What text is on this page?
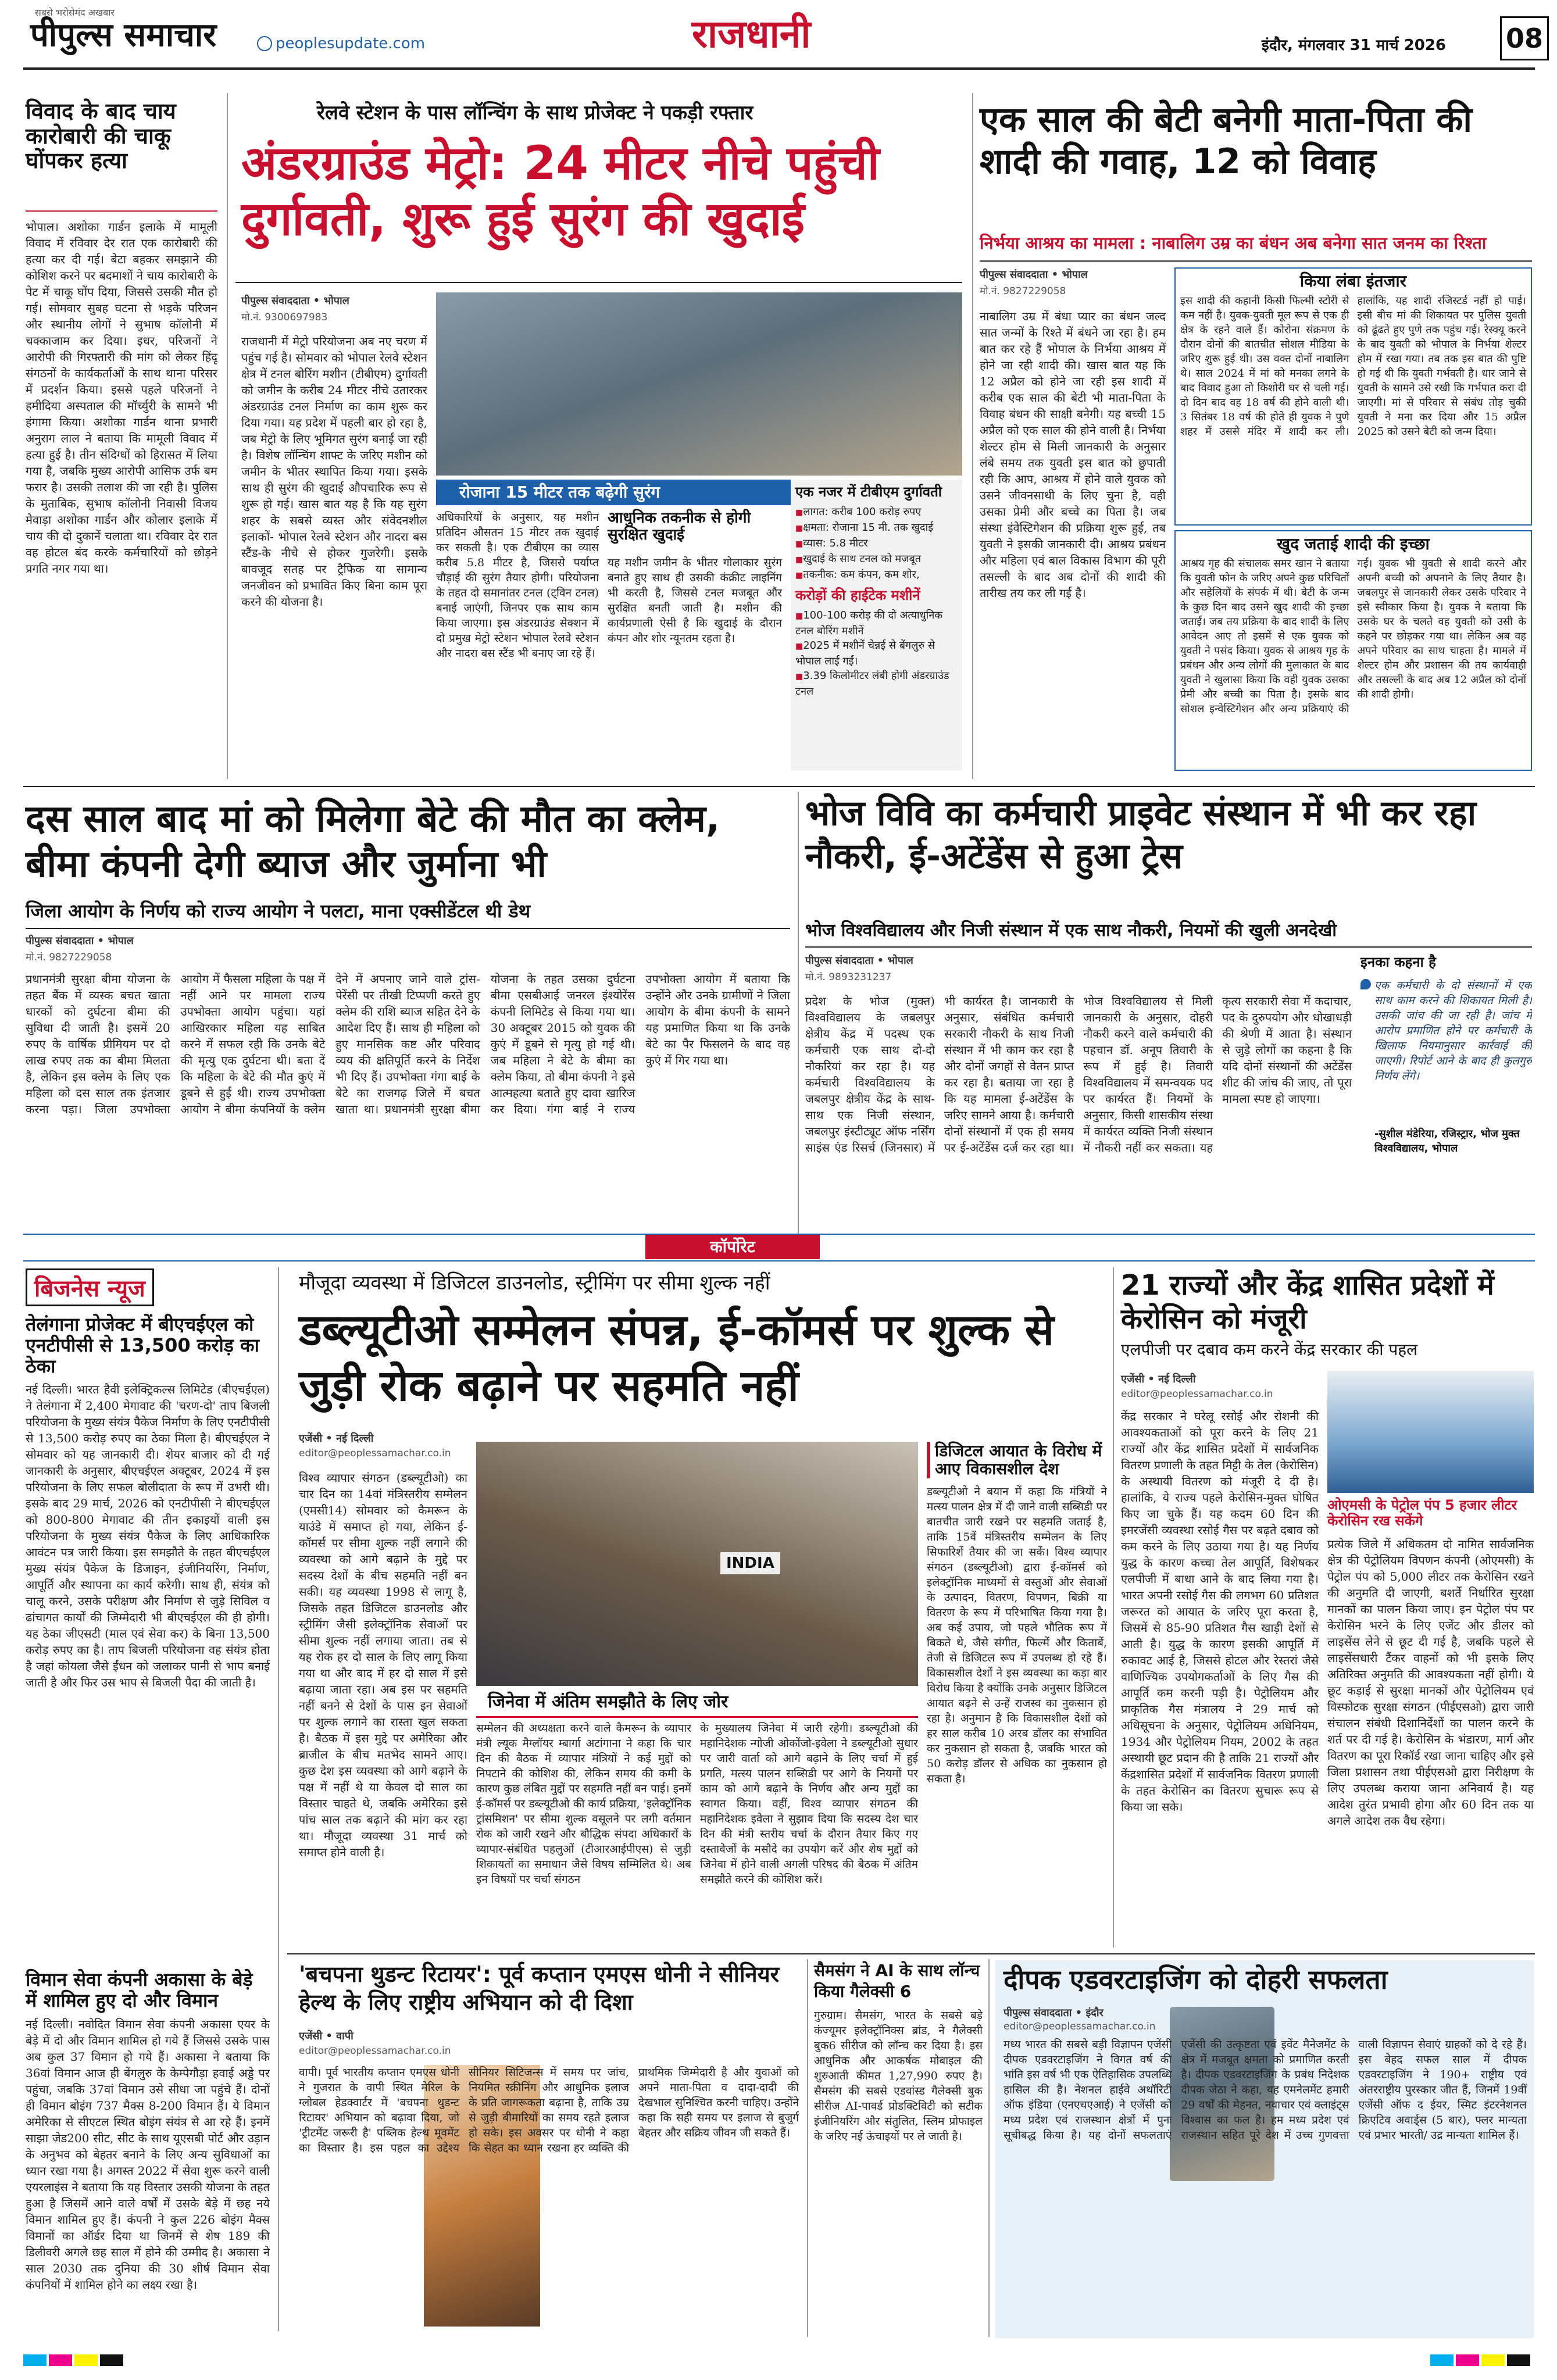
सबसे भरोसेमंद अखबार
पीपुल्स समाचार	peoplesupdate.com	राजधानी	इंदौर, मंगलवार 31 मार्च 2026 08
विवाद के बाद चाय कारोबारी की चाकू घोंपकर हत्या

भोपाल। अशोका गार्डन इलाके में मामूली विवाद में रविवार देर रात एक कारोबारी की हत्या कर दी गई। बेटा बहकर समझाने की कोशिश करने पर बदमाशों ने चाय कारोबारी के पेट में चाकू घोंप दिया, जिससे उसकी मौत हो गई। सोमवार सुबह घटना से भड़के परिजन और स्थानीय लोगों ने सुभाष कॉलोनी में चक्काजाम कर दिया। इधर, परिजनों ने आरोपी की गिरफ्तारी की मांग को लेकर हिंदू संगठनों के कार्यकर्ताओं के साथ थाना परिसर में प्रदर्शन किया। इससे पहले परिजनों ने हमीदिया अस्पताल की मॉर्च्युरी के सामने भी हंगामा किया। अशोका गार्डन थाना प्रभारी अनुराग लाल ने बताया कि मामूली विवाद में हत्या हुई है। तीन संदिग्धों को हिरासत में लिया गया है, जबकि मुख्य आरोपी आसिफ उर्फ बम फरार है। उसकी तलाश की जा रही है। पुलिस के मुताबिक, सुभाष कॉलोनी निवासी विजय मेवाड़ा अशोका गार्डन और कोलार इलाके में चाय की दो दुकानें चलाता था। रविवार देर रात वह होटल बंद करके कर्मचारियों को छोड़ने प्रगति नगर गया था।

रेलवे स्टेशन के पास लॉन्चिंग के साथ प्रोजेक्ट ने पकड़ी रफ्तार
अंडरग्राउंड मेट्रो: 24 मीटर नीचे पहुंची दुर्गावती, शुरू हुई सुरंग की खुदाई
पीपुल्स संवाददाता • भोपाल
मो.नं. 9300697983

राजधानी में मेट्रो परियोजना अब नए चरण में पहुंच गई है। सोमवार को भोपाल रेलवे स्टेशन क्षेत्र में टनल बोरिंग मशीन (टीबीएम) दुर्गावती को जमीन के करीब 24 मीटर नीचे उतारकर अंडरग्राउंड टनल निर्माण का काम शुरू कर दिया गया। यह प्रदेश में पहली बार हो रहा है, जब मेट्रो के लिए भूमिगत सुरंग बनाई जा रही है। विशेष लॉन्चिंग शाफ्ट के जरिए मशीन को जमीन के भीतर स्थापित किया गया। इसके साथ ही सुरंग की खुदाई औपचारिक रूप से शुरू हो गई। खास बात यह है कि यह सुरंग शहर के सबसे व्यस्त और संवेदनशील इलाकों- भोपाल रेलवे स्टेशन और नादरा बस स्टैंड-के नीचे से होकर गुजरेगी। इसके बावजूद सतह पर ट्रैफिक या सामान्य जनजीवन को प्रभावित किए बिना काम पूरा करने की योजना है।

रोजाना 15 मीटर तक बढ़ेगी सुरंग

अधिकारियों के अनुसार, यह मशीन प्रतिदिन औसतन 15 मीटर तक खुदाई कर सकती है। एक टीबीएम का व्यास करीब 5.8 मीटर है, जिससे पर्याप्त चौड़ाई की सुरंग तैयार होगी। परियोजना के तहत दो समानांतर टनल (ट्विन टनल) बनाई जाएंगी, जिनपर एक साथ काम किया जाएगा। इस अंडरग्राउंड सेक्शन में दो प्रमुख मेट्रो स्टेशन भोपाल रेलवे स्टेशन और नादरा बस स्टैंड भी बनाए जा रहे हैं।

आधुनिक तकनीक से होगी सुरक्षित खुदाई

यह मशीन जमीन के भीतर गोलाकार सुरंग बनाते हुए साथ ही उसकी कंक्रीट लाइनिंग भी करती है, जिससे टनल मजबूत और सुरक्षित बनती जाती है। मशीन की कार्यप्रणाली ऐसी है कि खुदाई के दौरान कंपन और शोर न्यूनतम रहता है।

एक नजर में टीबीएम दुर्गावती
■ लागत: करीब 100 करोड़ रुपए
■ क्षमता: रोजाना 15 मी. तक खुदाई
■ व्यास: 5.8 मीटर
■ खुदाई के साथ टनल को मजबूत
■ तकनीक: कम कंपन, कम शोर,
करोड़ों की हाईटेक मशीनें
■ 100-100 करोड़ की दो अत्याधुनिक टनल बोरिंग मशीनें
■ 2025 में मशीनें चेन्नई से बेंगलुरु से भोपाल लाई गईं।
■ 3.39 किलोमीटर लंबी होगी अंडरग्राउंड टनल
एक साल की बेटी बनेगी माता-पिता की शादी की गवाह, 12 को विवाह
निर्भया आश्रय का मामला : नाबालिग उम्र का बंधन अब बनेगा सात जनम का रिश्ता
पीपुल्स संवाददाता • भोपाल
मो.नं. 9827229058

नाबालिग उम्र में बंधा प्यार का बंधन जल्द सात जन्मों के रिश्ते में बंधने जा रहा है। हम बात कर रहे हैं भोपाल के निर्भया आश्रय में होने जा रही शादी की। खास बात यह कि 12 अप्रैल को होने जा रही इस शादी में करीब एक साल की बेटी भी माता-पिता के विवाह बंधन की साक्षी बनेगी। यह बच्ची 15 अप्रैल को एक साल की होने वाली है। निर्भया शेल्टर होम से मिली जानकारी के अनुसार लंबे समय तक युवती इस बात को छुपाती रही कि आप, आश्रय में होने वाले युवक को उसने जीवनसाथी के लिए चुना है, वही उसका प्रेमी और बच्चे का पिता है। जब संस्था इंवेस्टिगेशन की प्रक्रिया शुरू हुई, तब युवती ने इसकी जानकारी दी। आश्रय प्रबंधन और महिला एवं बाल विकास विभाग की पूरी तसल्ली के बाद अब दोनों की शादी की तारीख तय कर ली गई है।

किया लंबा इंतजार

इस शादी की कहानी किसी फिल्मी स्टोरी से कम नहीं है। युवक-युवती मूल रूप से एक ही क्षेत्र के रहने वाले हैं। कोरोना संक्रमण के दौरान दोनों की बातचीत सोशल मीडिया के जरिए शुरू हुई थी। उस वक्त दोनों नाबालिग थे। साल 2024 में मां को मनका लगने के बाद विवाद हुआ तो किशोरी घर से चली गई। दो दिन बाद वह 18 वर्ष की होने वाली थी। 3 सितंबर 18 वर्ष की होते ही युवक ने पुणे शहर में उससे मंदिर में शादी कर ली। हालांकि, यह शादी रजिस्टर्ड नहीं हो पाई। इसी बीच मां की शिकायत पर पुलिस युवती को ढूंढते हुए पुणे तक पहुंच गई। रेस्क्यू करने के बाद युवती को भोपाल के निर्भया शेल्टर होम में रखा गया। तब तक इस बात की पुष्टि हो गई थी कि युवती गर्भवती है। धार जाने से युवती के सामने उसे रखी कि गर्भपात करा दी जाएगी। मां से परिवार से संबंध तोड़ चुकी युवती ने मना कर दिया और 15 अप्रैल 2025 को उसने बेटी को जन्म दिया।

खुद जताई शादी की इच्छा

आश्रय गृह की संचालक समर खान ने बताया कि युवती फोन के जरिए अपने कुछ परिचितों और सहेलियों के संपर्क में थी। बेटी के जन्म के कुछ दिन बाद उसने खुद शादी की इच्छा जताई। जब तय प्रक्रिया के बाद शादी के लिए आवेदन आए तो इसमें से एक युवक को युवती ने पसंद किया। युवक से आश्रय गृह के प्रबंधन और अन्य लोगों की मुलाकात के बाद युवती ने खुलासा किया कि वही युवक उसका प्रेमी और बच्ची का पिता है। इसके बाद सोशल इन्वेस्टिगेशन और अन्य प्रक्रियाएं की गईं। युवक भी युवती से शादी करने और अपनी बच्ची को अपनाने के लिए तैयार है। जबलपुर से जानकारी लेकर उसके परिवार ने इसे स्वीकार किया है। युवक ने बताया कि उसके घर के चलते वह युवती को उसी के कहने पर छोड़कर गया था। लेकिन अब वह अपने परिवार का साथ चाहता है। मामले में शेल्टर होम और प्रशासन की तय कार्यवाही और तसल्ली के बाद अब 12 अप्रैल को दोनों की शादी होगी।

दस साल बाद मां को मिलेगा बेटे की मौत का क्लेम, बीमा कंपनी देगी ब्याज और जुर्माना भी
जिला आयोग के निर्णय को राज्य आयोग ने पलटा, माना एक्सीडेंटल थी डेथ
पीपुल्स संवाददाता • भोपाल
मो.नं. 9827229058

प्रधानमंत्री सुरक्षा बीमा योजना के तहत बैंक में व्यस्क बचत खाता धारकों को दुर्घटना बीमा की सुविधा दी जाती है। इसमें 20 रुपए के वार्षिक प्रीमियम पर दो लाख रुपए तक का बीमा मिलता है, लेकिन इस क्लेम के लिए एक महिला को दस साल तक इंतजार करना पड़ा। जिला उपभोक्ता आयोग में फैसला महिला के पक्ष में नहीं आने पर मामला राज्य उपभोक्ता आयोग पहुंचा। यहां आखिरकार महिला यह साबित करने में सफल रही कि उनके बेटे की मृत्यु एक दुर्घटना थी। बता दें कि महिला के बेटे की मौत कुएं में डूबने से हुई थी। राज्य उपभोक्ता आयोग ने बीमा कंपनियों के क्लेम देने में अपनाए जाने वाले ट्रांस-पेरेंसी पर तीखी टिप्पणी करते हुए क्लेम की राशि ब्याज सहित देने के आदेश दिए हैं। साथ ही महिला को हुए मानसिक कष्ट और परिवाद व्यय की क्षतिपूर्ति करने के निर्देश भी दिए हैं। उपभोक्ता गंगा बाई के बेटे का राजगढ़ जिले में बचत खाता था। प्रधानमंत्री सुरक्षा बीमा योजना के तहत उसका दुर्घटना बीमा एसबीआई जनरल इंश्योरेंस कंपनी लिमिटेड से किया गया था। 30 अक्टूबर 2015 को युवक की कुएं में डूबने से मृत्यु हो गई थी। जब महिला ने बेटे के बीमा का क्लेम किया, तो बीमा कंपनी ने इसे आत्महत्या बताते हुए दावा खारिज कर दिया। गंगा बाई ने राज्य उपभोक्ता आयोग में बताया कि उन्होंने और उनके ग्रामीणों ने जिला आयोग के बीमा कंपनी के सामने यह प्रमाणित किया था कि उनके बेटे का पैर फिसलने के बाद वह कुएं में गिर गया था।

भोज विवि का कर्मचारी प्राइवेट संस्थान में भी कर रहा नौकरी, ई-अटेंडेंस से हुआ ट्रेस
भोज विश्वविद्यालय और निजी संस्थान में एक साथ नौकरी, नियमों की खुली अनदेखी
पीपुल्स संवाददाता • भोपाल
मो.नं. 9893231237

प्रदेश के भोज (मुक्त) विश्वविद्यालय के जबलपुर क्षेत्रीय केंद्र में पदस्थ एक कर्मचारी एक साथ दो-दो नौकरियां कर रहा है। यह कर्मचारी विश्वविद्यालय के जबलपुर क्षेत्रीय केंद्र के साथ-साथ एक निजी संस्थान, जबलपुर इंस्टीट्यूट ऑफ नर्सिंग साइंस एंड रिसर्च (जिनसार) में भी कार्यरत है। जानकारी के अनुसार, संबंधित कर्मचारी सरकारी नौकरी के साथ निजी संस्थान में भी काम कर रहा है और दोनों जगहों से वेतन प्राप्त कर रहा है। बताया जा रहा है कि यह मामला ई-अटेंडेंस के जरिए सामने आया है। कर्मचारी दोनों संस्थानों में एक ही समय पर ई-अटेंडेंस दर्ज कर रहा था। भोज विश्वविद्यालय से मिली जानकारी के अनुसार, दोहरी नौकरी करने वाले कर्मचारी की पहचान डॉ. अनूप तिवारी के रूप में हुई है। तिवारी विश्वविद्यालय में समन्वयक पद पर कार्यरत हैं। नियमों के अनुसार, किसी शासकीय संस्था में कार्यरत व्यक्ति निजी संस्थान में नौकरी नहीं कर सकता। यह कृत्य सरकारी सेवा में कदाचार, पद के दुरुपयोग और धोखाधड़ी की श्रेणी में आता है। संस्थान से जुड़े लोगों का कहना है कि यदि दोनों संस्थानों की अटेंडेंस शीट की जांच की जाए, तो पूरा मामला स्पष्ट हो जाएगा।

इनका कहना है

एक कर्मचारी के दो संस्थानों में एक साथ काम करने की शिकायत मिली है। उसकी जांच की जा रही है। जांच में आरोप प्रमाणित होने पर कर्मचारी के खिलाफ नियमानुसार कार्रवाई की जाएगी। रिपोर्ट आने के बाद ही कुलगुरु निर्णय लेंगे।

-सुशील मंडेरिया, रजिस्ट्रार, भोज मुक्त विश्वविद्यालय, भोपाल
कॉर्पोरेट
बिजनेस न्यूज
तेलंगाना प्रोजेक्ट में बीएचईएल को एनटीपीसी से 13,500 करोड़ का ठेका

नई दिल्ली। भारत हैवी इलेक्ट्रिकल्स लिमिटेड (बीएचईएल) ने तेलंगाना में 2,400 मेगावाट की 'चरण-दो' ताप बिजली परियोजना के मुख्य संयंत्र पैकेज निर्माण के लिए एनटीपीसी से 13,500 करोड़ रुपए का ठेका मिला है। बीएचईएल ने सोमवार को यह जानकारी दी। शेयर बाजार को दी गई जानकारी के अनुसार, बीएचईएल अक्टूबर, 2024 में इस परियोजना के लिए सफल बोलीदाता के रूप में उभरी थी। इसके बाद 29 मार्च, 2026 को एनटीपीसी ने बीएचईएल को 800-800 मेगावाट की तीन इकाइयों वाली इस परियोजना के मुख्य संयंत्र पैकेज के लिए आधिकारिक आवंटन पत्र जारी किया। इस समझौते के तहत बीएचईएल मुख्य संयंत्र पैकेज के डिजाइन, इंजीनियरिंग, निर्माण, आपूर्ति और स्थापना का कार्य करेगी। साथ ही, संयंत्र को चालू करने, उसके परीक्षण और निर्माण से जुड़े सिविल व ढांचागत कार्यों की जिम्मेदारी भी बीएचईएल की ही होगी। यह ठेका जीएसटी (माल एवं सेवा कर) के बिना 13,500 करोड़ रुपए का है। ताप बिजली परियोजना वह संयंत्र होता है जहां कोयला जैसे ईंधन को जलाकर पानी से भाप बनाई जाती है और फिर उस भाप से बिजली पैदा की जाती है।

विमान सेवा कंपनी अकासा के बेड़े में शामिल हुए दो और विमान

नई दिल्ली। नवोदित विमान सेवा कंपनी अकासा एयर के बेड़े में दो और विमान शामिल हो गये हैं जिससे उसके पास अब कुल 37 विमान हो गये हैं। अकासा ने बताया कि 36वां विमान आज ही बेंगलुरु के केम्पेगौड़ा हवाई अड्डे पर पहुंचा, जबकि 37वां विमान उसे सीधा जा पहुंचे हैं। दोनों ही विमान बोइंग 737 मैक्स 8-200 विमान हैं। ये विमान अमेरिका से सीएटल स्थित बोइंग संयंत्र से आ रहे हैं। इनमें साझा जेड200 सीट, सीट के साथ यूएसबी पोर्ट और उड़ान के अनुभव को बेहतर बनाने के लिए अन्य सुविधाओं का ध्यान रखा गया है। अगस्त 2022 में सेवा शुरू करने वाली एयरलाइंस ने बताया कि यह विस्तार उसकी योजना के तहत हुआ है जिसमें आने वाले वर्षों में उसके बेड़े में छह नये विमान शामिल हुए हैं। कंपनी ने कुल 226 बोइंग मैक्स विमानों का ऑर्डर दिया था जिनमें से शेष 189 की डिलीवरी अगले छह साल में होने की उम्मीद है। अकासा ने साल 2030 तक दुनिया की 30 शीर्ष विमान सेवा कंपनियों में शामिल होने का लक्ष्य रखा है।

मौजूदा व्यवस्था में डिजिटल डाउनलोड, स्ट्रीमिंग पर सीमा शुल्क नहीं
डब्ल्यूटीओ सम्मेलन संपन्न, ई-कॉमर्स पर शुल्क से जुड़ी रोक बढ़ाने पर सहमति नहीं
एजेंसी • नई दिल्ली
editor@peoplessamachar.co.in

विश्व व्यापार संगठन (डब्ल्यूटीओ) का चार दिन का 14वां मंत्रिस्तरीय सम्मेलन (एमसी14) सोमवार को कैमरून के याउंडे में समाप्त हो गया, लेकिन ई-कॉमर्स पर सीमा शुल्क नहीं लगाने की व्यवस्था को आगे बढ़ाने के मुद्दे पर सदस्य देशों के बीच सहमति नहीं बन सकी। यह व्यवस्था 1998 से लागू है, जिसके तहत डिजिटल डाउनलोड और स्ट्रीमिंग जैसी इलेक्ट्रॉनिक सेवाओं पर सीमा शुल्क नहीं लगाया जाता। तब से यह रोक हर दो साल के लिए लागू किया गया था और बाद में हर दो साल में इसे बढ़ाया जाता रहा। अब इस पर सहमति नहीं बनने से देशों के पास इन सेवाओं पर शुल्क लगाने का रास्ता खुल सकता है। बैठक में इस मुद्दे पर अमेरिका और ब्राजील के बीच मतभेद सामने आए। कुछ देश इस व्यवस्था को आगे बढ़ाने के पक्ष में नहीं थे या केवल दो साल का विस्तार चाहते थे, जबकि अमेरिका इसे पांच साल तक बढ़ाने की मांग कर रहा था। मौजूदा व्यवस्था 31 मार्च को समाप्त होने वाली है।

INDIA
जिनेवा में अंतिम समझौते के लिए जोर

सम्मेलन की अध्यक्षता करने वाले कैमरून के व्यापार मंत्री ल्यूक मैग्लॉयर म्बार्गा अटांगाना ने कहा कि चार दिन की बैठक में व्यापार मंत्रियों ने कई मुद्दों को निपटाने की कोशिश की, लेकिन समय की कमी के कारण कुछ लंबित मुद्दों पर सहमति नहीं बन पाई। इनमें ई-कॉमर्स पर डब्ल्यूटीओ की कार्य प्रक्रिया, 'इलेक्ट्रॉनिक ट्रांसमिशन' पर सीमा शुल्क वसूलने पर लगी वर्तमान रोक को जारी रखने और बौद्धिक संपदा अधिकारों के व्यापार-संबंधित पहलुओं (टीआरआईपीएस) से जुड़ी शिकायतों का समाधान जैसे विषय सम्मिलित थे। अब इन विषयों पर चर्चा संगठन

के मुख्यालय जिनेवा में जारी रहेगी। डब्ल्यूटीओ की महानिदेशक न्गोजी ओकोंजो-इवेला ने डब्ल्यूटीओ सुधार पर जारी वार्ता को आगे बढ़ाने के लिए चर्चा में हुई प्रगति, मत्स्य पालन सब्सिडी पर आगे के नियमों पर काम को आगे बढ़ाने के निर्णय और अन्य मुद्दों का स्वागत किया। वहीं, विश्व व्यापार संगठन की महानिदेशक इवेला ने सुझाव दिया कि सदस्य देश चार दिन की मंत्री स्तरीय चर्चा के दौरान तैयार किए गए दस्तावेजों के मसौदे का उपयोग करें और शेष मुद्दों को जिनेवा में होने वाली अगली परिषद की बैठक में अंतिम समझौते करने की कोशिश करें।

डिजिटल आयात के विरोध में आए विकासशील देश

डब्ल्यूटीओ ने बयान में कहा कि मंत्रियों ने मत्स्य पालन क्षेत्र में दी जाने वाली सब्सिडी पर बातचीत जारी रखने पर सहमति जताई है, ताकि 15वें मंत्रिस्तरीय सम्मेलन के लिए सिफारिशें तैयार की जा सकें। विश्व व्यापार संगठन (डब्ल्यूटीओ) द्वारा ई-कॉमर्स को इलेक्ट्रॉनिक माध्यमों से वस्तुओं और सेवाओं के उत्पादन, वितरण, विपणन, बिक्री या वितरण के रूप में परिभाषित किया गया है। अब कई उपाय, जो पहले भौतिक रूप में बिकते थे, जैसे संगीत, फिल्में और किताबें, तेजी से डिजिटल रूप में उपलब्ध हो रहे हैं। विकासशील देशों ने इस व्यवस्था का कड़ा बार विरोध किया है क्योंकि उनके अनुसार डिजिटल आयात बढ़ने से उन्हें राजस्व का नुकसान हो रहा है। अनुमान है कि विकासशील देशों को हर साल करीब 10 अरब डॉलर का संभावित कर नुकसान हो सकता है, जबकि भारत को 50 करोड़ डॉलर से अधिक का नुकसान हो सकता है।

21 राज्यों और केंद्र शासित प्रदेशों में केरोसिन को मंजूरी
एलपीजी पर दबाव कम करने केंद्र सरकार की पहल
एजेंसी • नई दिल्ली
editor@peoplessamachar.co.in

केंद्र सरकार ने घरेलू रसोई और रोशनी की आवश्यकताओं को पूरा करने के लिए 21 राज्यों और केंद्र शासित प्रदेशों में सार्वजनिक वितरण प्रणाली के तहत मिट्टी के तेल (केरोसिन) के अस्थायी वितरण को मंजूरी दे दी है। हालांकि, ये राज्य पहले केरोसिन-मुक्त घोषित किए जा चुके हैं। यह कदम 60 दिन की इमरजेंसी व्यवस्था रसोई गैस पर बढ़ते दबाव को कम करने के लिए उठाया गया है। यह निर्णय युद्ध के कारण कच्चा तेल आपूर्ति, विशेषकर एलपीजी में बाधा आने के बाद लिया गया है। भारत अपनी रसोई गैस की लगभग 60 प्रतिशत जरूरत को आयात के जरिए पूरा करता है, जिसमें से 85-90 प्रतिशत गैस खाड़ी देशों से आती है। युद्ध के कारण इसकी आपूर्ति में रुकावट आई है, जिससे होटल और रेस्तरां जैसे वाणिज्यिक उपयोगकर्ताओं के लिए गैस की आपूर्ति कम करनी पड़ी है। पेट्रोलियम और प्राकृतिक गैस मंत्रालय ने 29 मार्च को अधिसूचना के अनुसार, पेट्रोलियम अधिनियम, 1934 और पेट्रोलियम नियम, 2002 के तहत अस्थायी छूट प्रदान की है ताकि 21 राज्यों और केंद्रशासित प्रदेशों में सार्वजनिक वितरण प्रणाली के तहत केरोसिन का वितरण सुचारू रूप से किया जा सके।

ओएमसी के पेट्रोल पंप 5 हजार लीटर केरोसिन रख सकेंगे

प्रत्येक जिले में अधिकतम दो नामित सार्वजनिक क्षेत्र की पेट्रोलियम विपणन कंपनी (ओएमसी) के पेट्रोल पंप को 5,000 लीटर तक केरोसिन रखने की अनुमति दी जाएगी, बशर्ते निर्धारित सुरक्षा मानकों का पालन किया जाए। इन पेट्रोल पंप पर केरोसिन भरने के लिए एजेंट और डीलर को लाइसेंस लेने से छूट दी गई है, जबकि पहले से लाइसेंसधारी टैंकर वाहनों को भी इसके लिए अतिरिक्त अनुमति की आवश्यकता नहीं होगी। ये छूट कड़ाई से सुरक्षा मानकों और पेट्रोलियम एवं विस्फोटक सुरक्षा संगठन (पीईएसओ) द्वारा जारी संचालन संबंधी दिशानिर्देशों का पालन करने के शर्त पर दी गई है। केरोसिन के भंडारण, मार्ग और वितरण का पूरा रिकॉर्ड रखा जाना चाहिए और इसे जिला प्रशासन तथा पीईएसओ द्वारा निरीक्षण के लिए उपलब्ध कराया जाना अनिवार्य है। यह आदेश तुरंत प्रभावी होगा और 60 दिन तक या अगले आदेश तक वैध रहेगा।

'बचपना थुडन्ट रिटायर': पूर्व कप्तान एमएस धोनी ने सीनियर हेल्थ के लिए राष्ट्रीय अभियान को दी दिशा
एजेंसी • वापी
editor@peoplessamachar.co.in

वापी। पूर्व भारतीय कप्तान एमएस धोनी ने गुजरात के वापी स्थित मेरिल के ग्लोबल हेडक्वार्टर में 'बचपना थुडन्ट रिटायर' अभियान को बढ़ावा दिया, जो 'ट्रीटमेंट जरूरी है' पब्लिक हेल्थ मूवमेंट का विस्तार है। इस पहल का उद्देश्य सीनियर सिटिजन्स में समय पर जांच, नियमित स्क्रीनिंग और आधुनिक इलाज के प्रति जागरूकता बढ़ाना है, ताकि उम्र से जुड़ी बीमारियों का समय रहते इलाज हो सके। इस अवसर पर धोनी ने कहा कि सेहत का ध्यान रखना हर व्यक्ति की प्राथमिक जिम्मेदारी है और युवाओं को अपने माता-पिता व दादा-दादी की देखभाल सुनिश्चित करनी चाहिए। उन्होंने कहा कि सही समय पर इलाज से बुजुर्ग बेहतर और सक्रिय जीवन जी सकते हैं।

सैमसंग ने AI के साथ लॉन्च किया गैलेक्सी 6

गुरुग्राम। सैमसंग, भारत के सबसे बड़े कंज्यूमर इलेक्ट्रॉनिक्स ब्रांड, ने गैलेक्सी बुक6 सीरीज को लॉन्च कर दिया है। इस आधुनिक और आकर्षक मोबाइल की शुरुआती कीमत 1,27,990 रुपए है। सैमसंग की सबसे एडवांस्ड गैलेक्सी बुक सीरीज AI-पावर्ड प्रोडक्टिविटी को सटीक इंजीनियरिंग और संतुलित, स्लिम प्रोफाइल के जरिए नई ऊंचाइयों पर ले जाती है।

दीपक एडवरटाइजिंग को दोहरी सफलता
पीपुल्स संवाददाता • इंदौर
editor@peoplessamachar.co.in

मध्य भारत की सबसे बड़ी विज्ञापन एजेंसी दीपक एडवरटाइजिंग ने विगत वर्ष की भांति इस वर्ष भी एक ऐतिहासिक उपलब्धि हासिल की है। नेशनल हाईवे अथॉरिटी ऑफ इंडिया (एनएचएआई) ने एजेंसी को मध्य प्रदेश एवं राजस्थान क्षेत्रों में पुनः सूचीबद्ध किया है। यह दोनों सफलताएं एजेंसी की उत्कृष्टता एवं इवेंट मैनेजमेंट के क्षेत्र में मजबूत क्षमता को प्रमाणित करती है। दीपक एडवरटाइजिंग के प्रबंध निदेशक दीपक जेठा ने कहा, यह एमनेलमेंट हमारी 29 वर्षों की मेहनत, नवाचार एवं क्लाइंट्स विश्वास का फल है। हम मध्य प्रदेश एवं राजस्थान सहित पूरे देश में उच्च गुणवत्ता वाली विज्ञापन सेवाएं ग्राहकों को दे रहे हैं। इस बेहद सफल साल में दीपक एडवरटाइजिंग ने 190+ राष्ट्रीय एवं अंतरराष्ट्रीय पुरस्कार जीत हैं, जिनमें 19वीं एजेंसी ऑफ द ईयर, स्मिट इंटरनेशनल क्रिएटिव अवार्ड्स (5 बार), फ्लर मान्यता एवं प्रभार भारती/ उद्र मान्यता शामिल हैं।
